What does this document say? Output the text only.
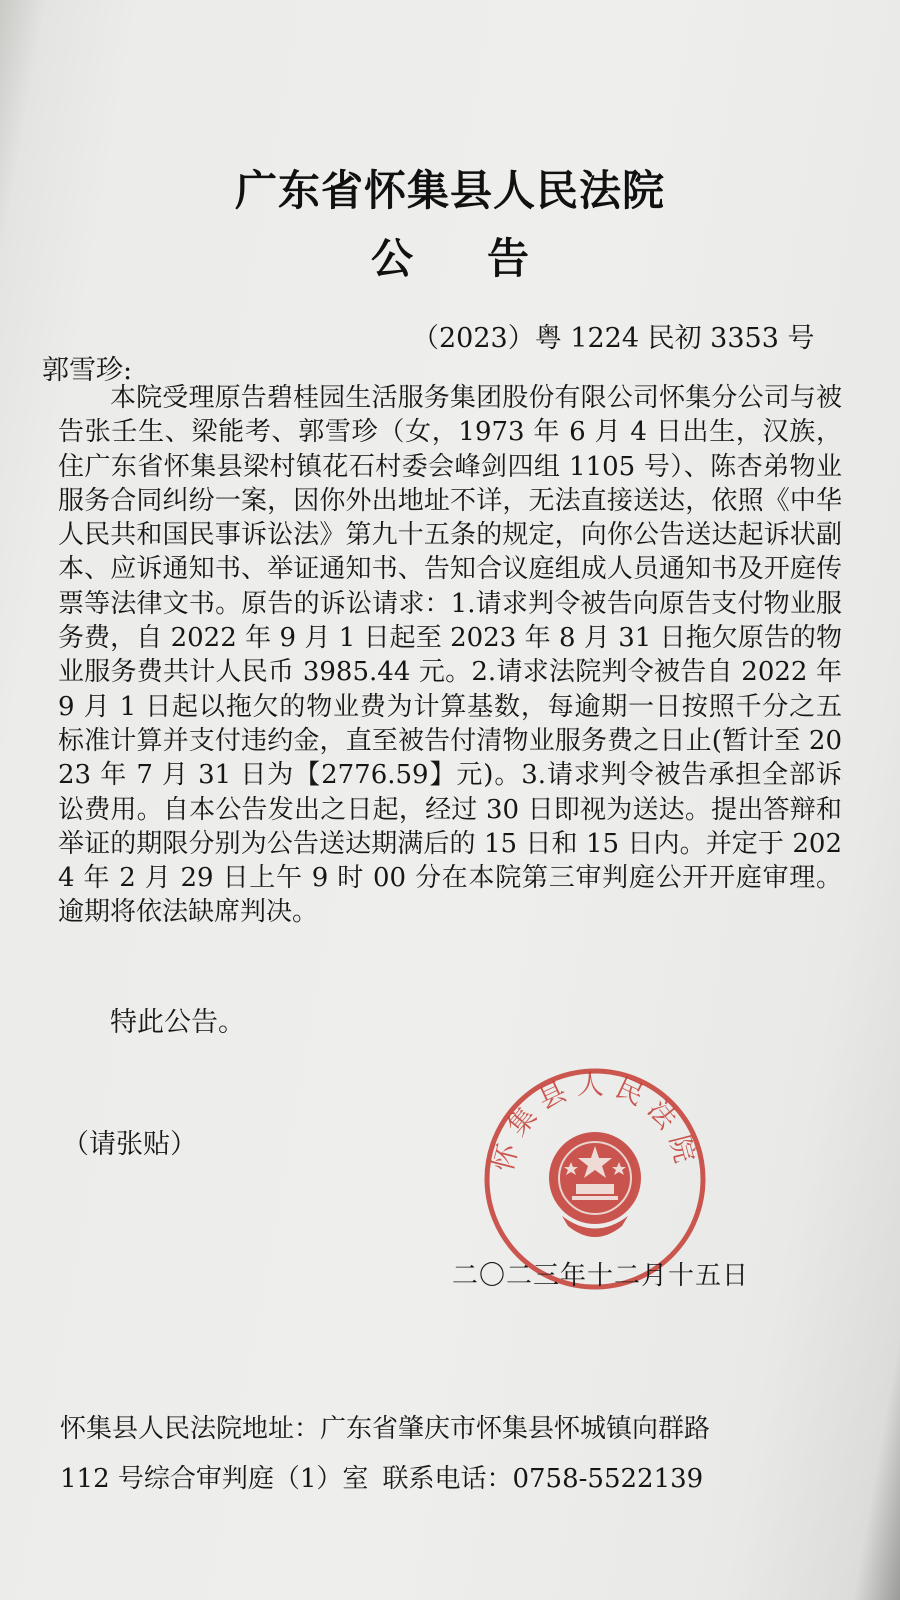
广东省怀集县人民法院
公 告
（2023）粤 1224 民初 3353 号
郭雪珍:

本院受理原告碧桂园生活服务集团股份有限公司怀集分公司与被告张壬生、梁能考、郭雪珍（女，1973 年 6 月 4 日出生，汉族，住广东省怀集县梁村镇花石村委会峰剑四组 1105 号）、陈杏弟物业服务合同纠纷一案，因你外出地址不详，无法直接送达，依照《中华人民共和国民事诉讼法》第九十五条的规定，向你公告送达起诉状副本、应诉通知书、举证通知书、告知合议庭组成人员通知书及开庭传票等法律文书。原告的诉讼请求：1.请求判令被告向原告支付物业服务费，自 2022 年 9 月 1 日起至 2023 年 8 月 31 日拖欠原告的物业服务费共计人民币 3985.44 元。2.请求法院判令被告自 2022 年 9 月 1 日起以拖欠的物业费为计算基数，每逾期一日按照千分之五标准计算并支付违约金，直至被告付清物业服务费之日止(暂计至 2023 年 7 月 31 日为【2776.59】元)。3.请求判令被告承担全部诉讼费用。自本公告发出之日起，经过 30 日即视为送达。提出答辩和举证的期限分别为公告送达期满后的 15 日和 15 日内。并定于 2024 年 2 月 29 日上午 9 时 00 分在本院第三审判庭公开开庭审理。逾期将依法缺席判决。

特此公告。
（请张贴）	怀集县人民法院
二〇二三年十二月十五日
怀集县人民法院地址：广东省肇庆市怀集县怀城镇向群路
112 号综合审判庭（1）室 联系电话：0758-5522139
